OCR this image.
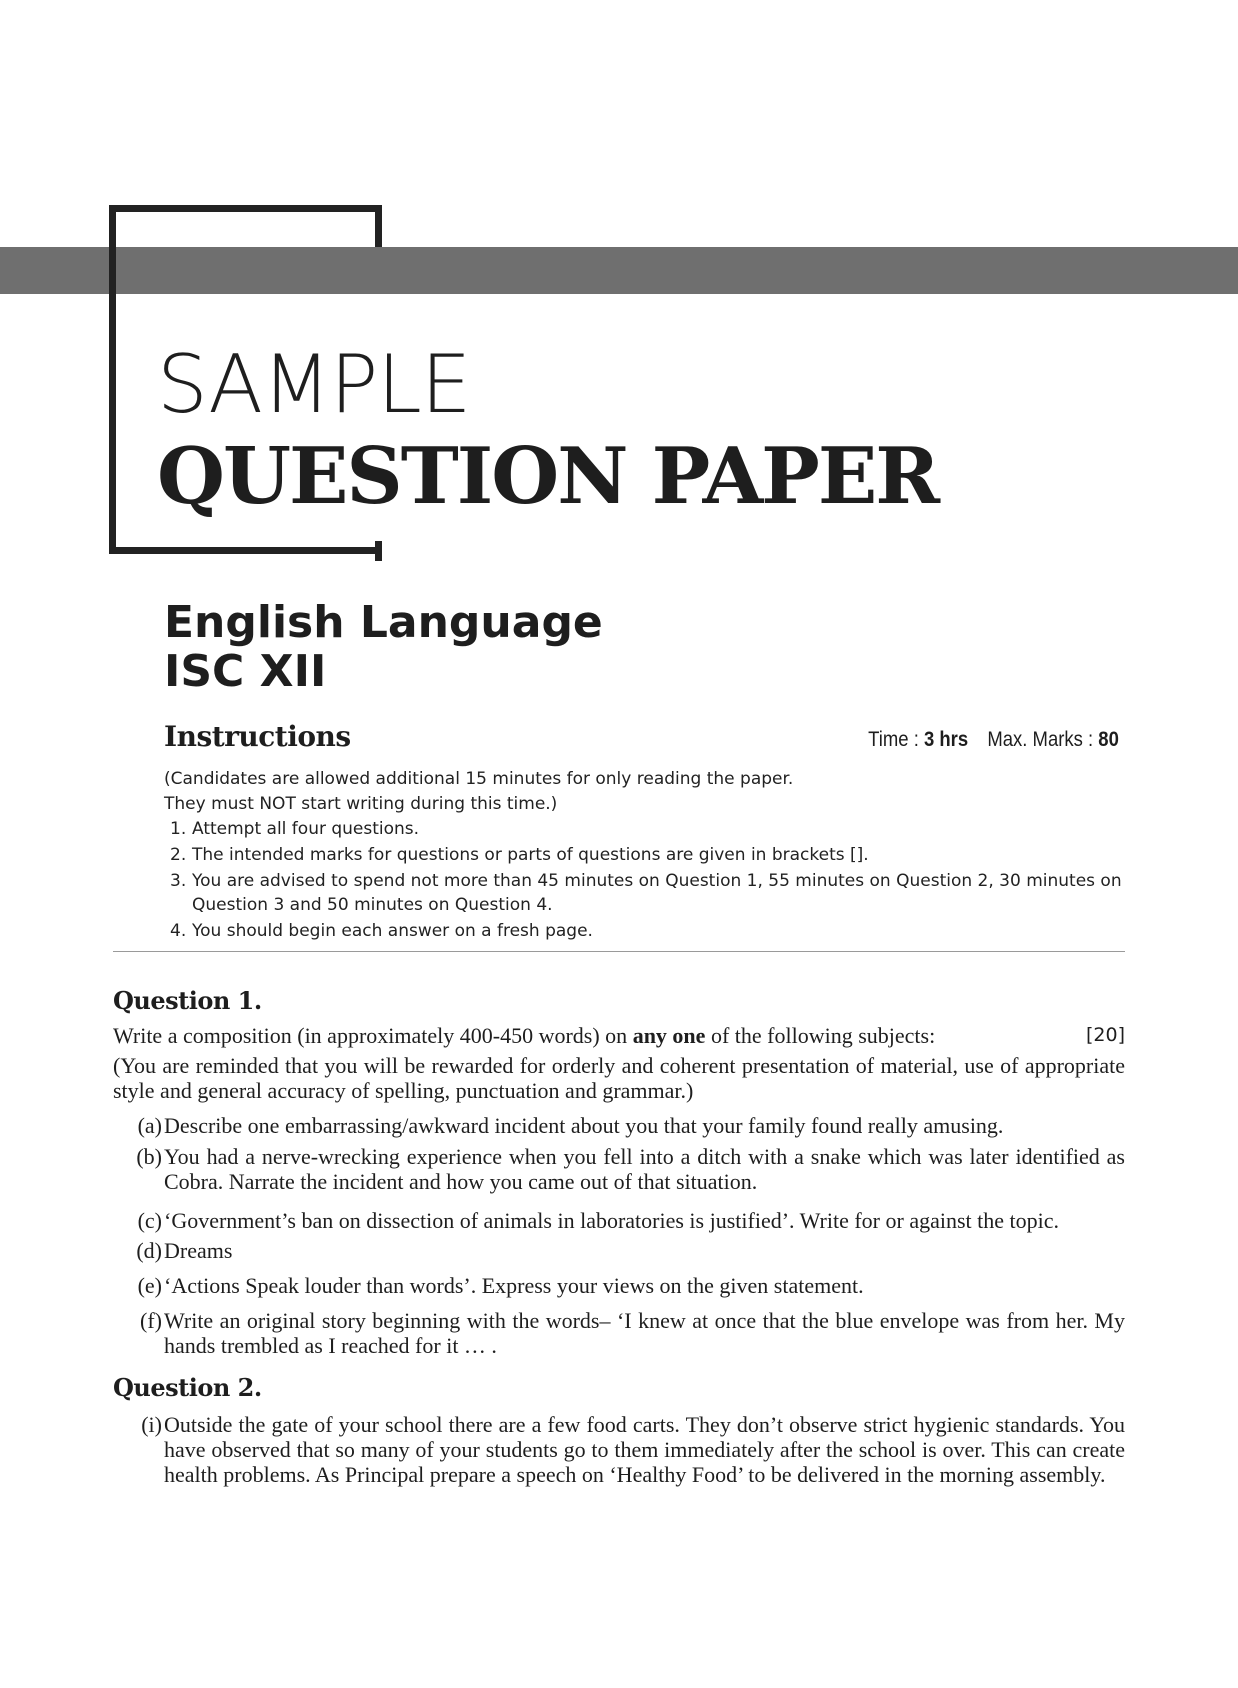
SAMPLE
QUESTION PAPER
English Language
ISC XII
Instructions	Time : 3 hrs Max. Marks : 80

(Candidates are allowed additional 15 minutes for only reading the paper.

They must NOT start writing during this time.)

1. Attempt all four questions.
2. The intended marks for questions or parts of questions are given in brackets [].
3. You are advised to spend not more than 45 minutes on Question 1, 55 minutes on Question 2, 30 minutes on Question 3 and 50 minutes on Question 4.
4. You should begin each answer on a fresh page.
Question 1.
Write a composition (in approximately 400-450 words) on any one of the following subjects:	[20]
(You are reminded that you will be rewarded for orderly and coherent presentation of material, use of appropriate style and general accuracy of spelling, punctuation and grammar.)
(a) Describe one embarrassing/awkward incident about you that your family found really amusing.
(b) You had a nerve-wrecking experience when you fell into a ditch with a snake which was later identified as Cobra. Narrate the incident and how you came out of that situation.
(c) ‘Government’s ban on dissection of animals in laboratories is justified’. Write for or against the topic.
(d) Dreams
(e) ‘Actions Speak louder than words’. Express your views on the given statement.
(f) Write an original story beginning with the words– ‘I knew at once that the blue envelope was from her. My hands trembled as I reached for it … .
Question 2.
(i) Outside the gate of your school there are a few food carts. They don’t observe strict hygienic standards. You have observed that so many of your students go to them immediately after the school is over. This can create health problems. As Principal prepare a speech on ‘Healthy Food’ to be delivered in the morning assembly.
